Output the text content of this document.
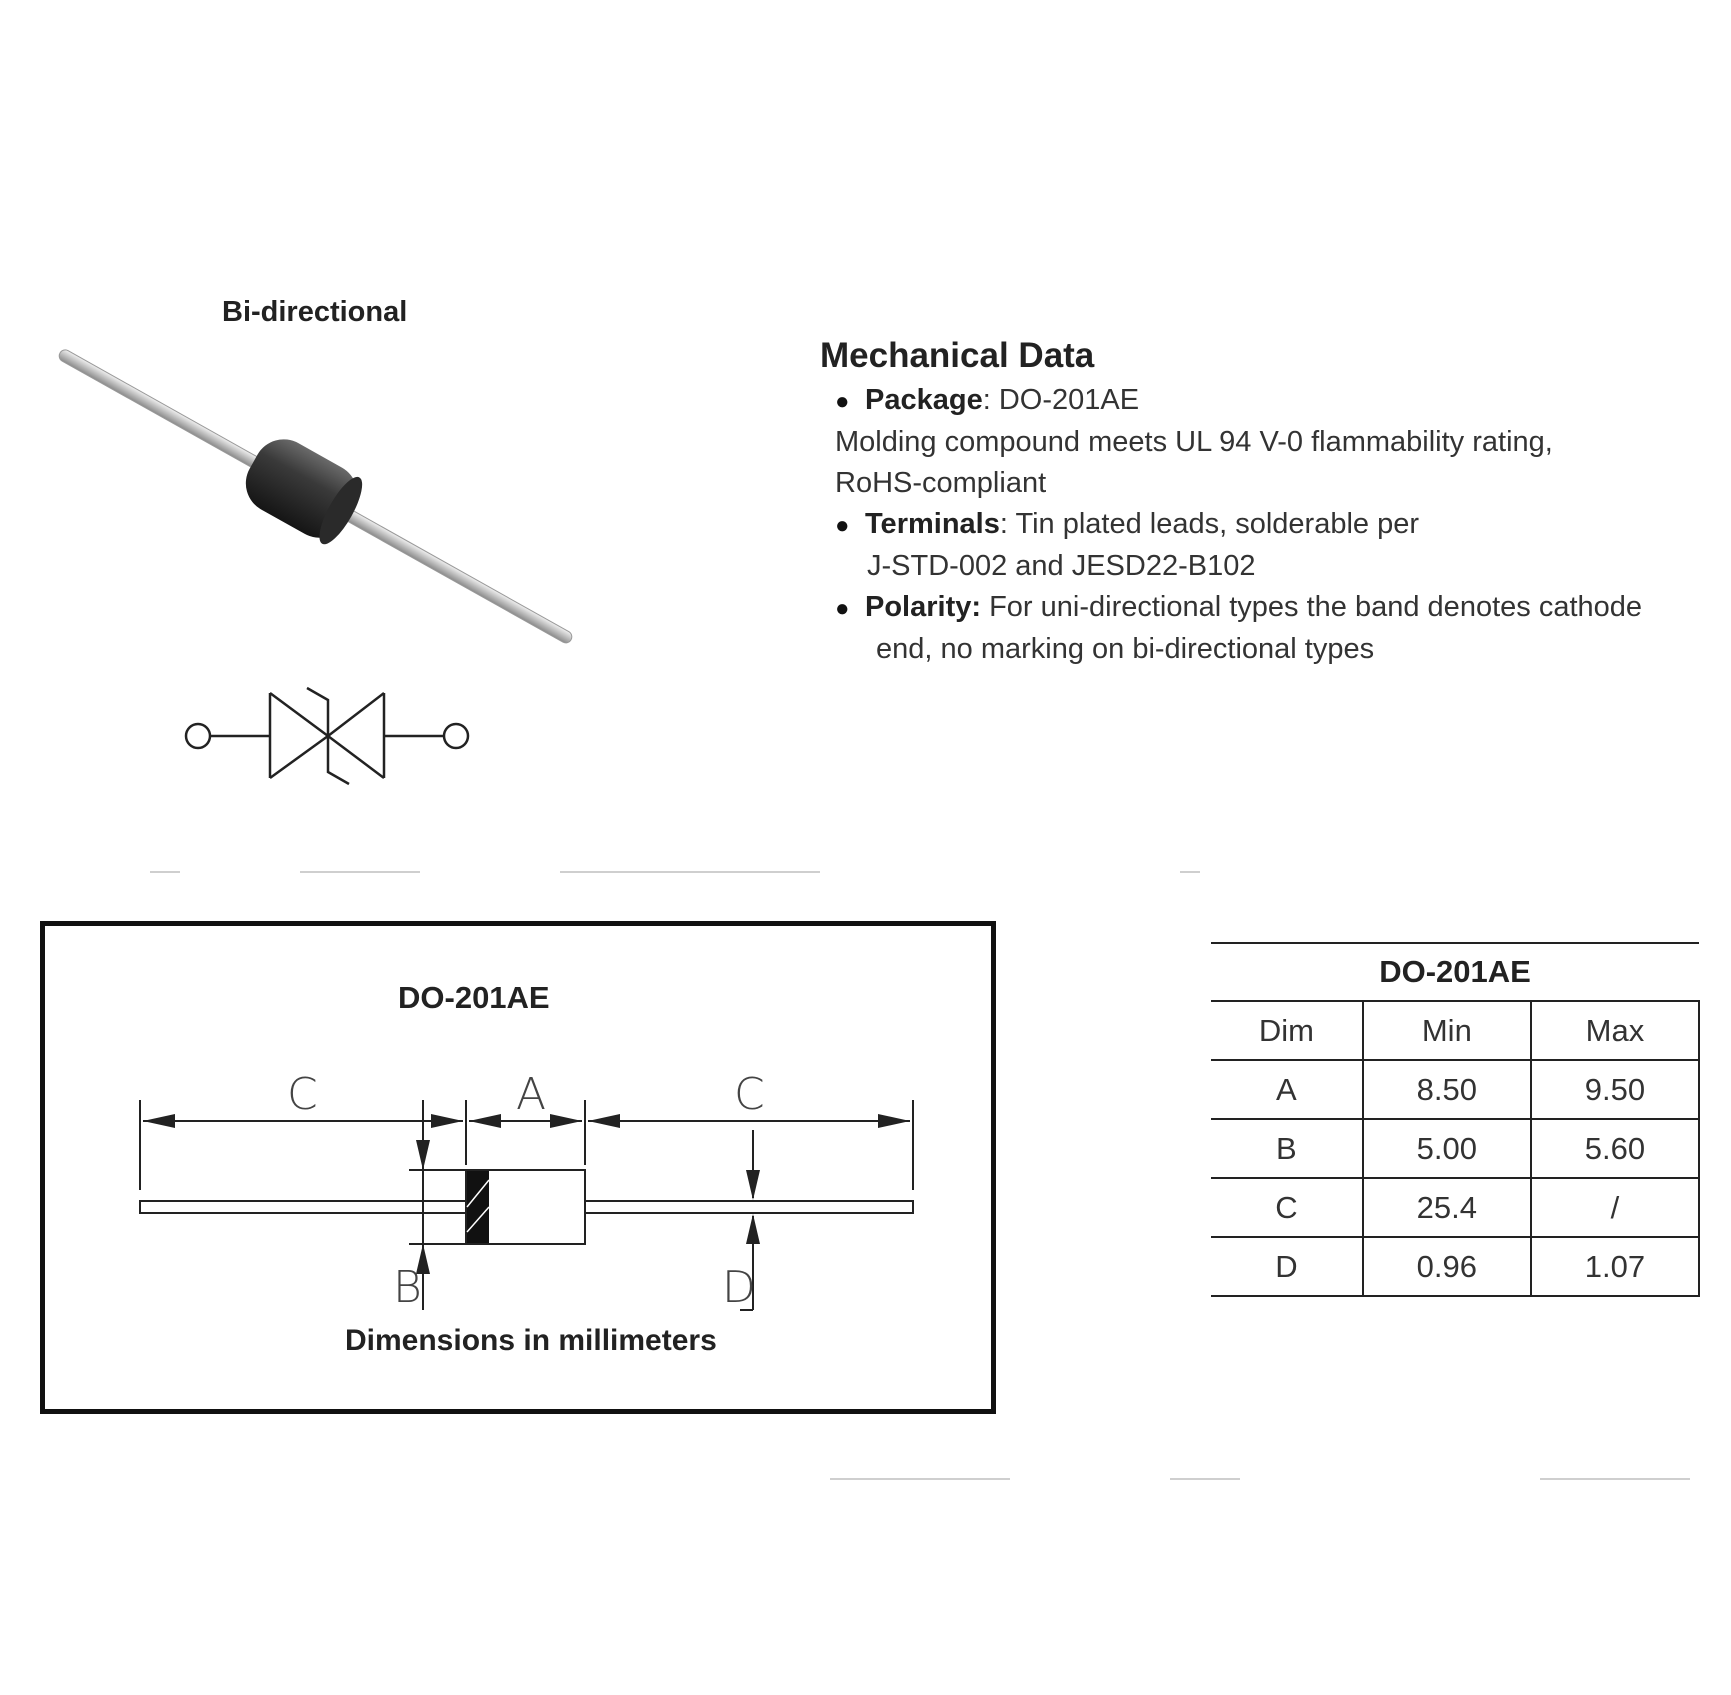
Bi-directional
Mechanical Data
● Package: DO-201AE
Molding compound meets UL 94 V-0 flammability rating,
RoHS-compliant
● Terminals: Tin plated leads, solderable per
J-STD-002 and JESD22-B102
● Polarity: For uni-directional types the band denotes cathode
end, no marking on bi-directional types
DO-201AE
C	A	C
B	D
Dimensions in millimeters
DO-201AE		
Dim	Min	Max
A	8.50	9.50
B	5.00	5.60
C	25.4	/
D	0.96	1.07
